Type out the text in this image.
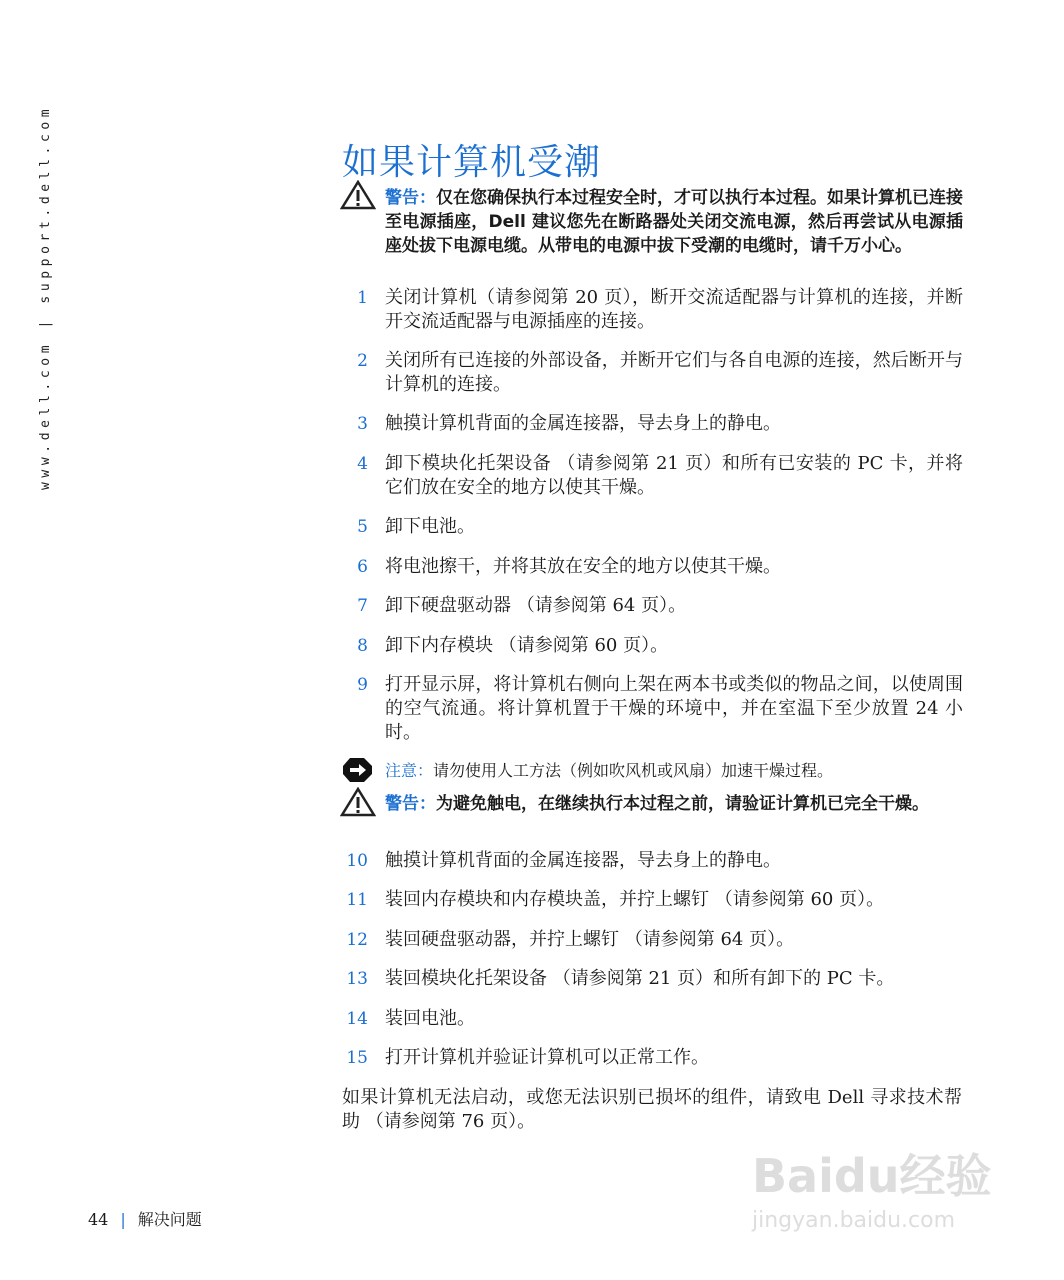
www.dell.com | support.dell.com	如果计算机受潮
警告：仅在您确保执行本过程安全时，才可以执行本过程。如果计算机已连接至电源插座，Dell 建议您先在断路器处关闭交流电源，然后再尝试从电源插座处拔下电源电缆。从带电的电源中拔下受潮的电缆时，请千万小心。
1 关闭计算机（请参阅第 20 页），断开交流适配器与计算机的连接，并断开交流适配器与电源插座的连接。
2 关闭所有已连接的外部设备，并断开它们与各自电源的连接，然后断开与计算机的连接。
3 触摸计算机背面的金属连接器，导去身上的静电。
4 卸下模块化托架设备 （请参阅第 21 页）和所有已安装的 PC 卡，并将它们放在安全的地方以使其干燥。
5 卸下电池。
6 将电池擦干，并将其放在安全的地方以使其干燥。
7 卸下硬盘驱动器 （请参阅第 64 页）。
8 卸下内存模块 （请参阅第 60 页）。
9 打开显示屏，将计算机右侧向上架在两本书或类似的物品之间，以使周围的空气流通。将计算机置于干燥的环境中，并在室温下至少放置 24 小时。
注意：请勿使用人工方法（例如吹风机或风扇）加速干燥过程。
警告：为避免触电，在继续执行本过程之前，请验证计算机已完全干燥。
10 触摸计算机背面的金属连接器，导去身上的静电。
11 装回内存模块和内存模块盖，并拧上螺钉 （请参阅第 60 页）。
12 装回硬盘驱动器，并拧上螺钉 （请参阅第 64 页）。
13 装回模块化托架设备 （请参阅第 21 页）和所有卸下的 PC 卡。
14 装回电池。
15 打开计算机并验证计算机可以正常工作。
如果计算机无法启动，或您无法识别已损坏的组件，请致电 Dell 寻求技术帮助 （请参阅第 76 页）。
44 | 解决问题
Baidu经验
jingyan.baidu.com
